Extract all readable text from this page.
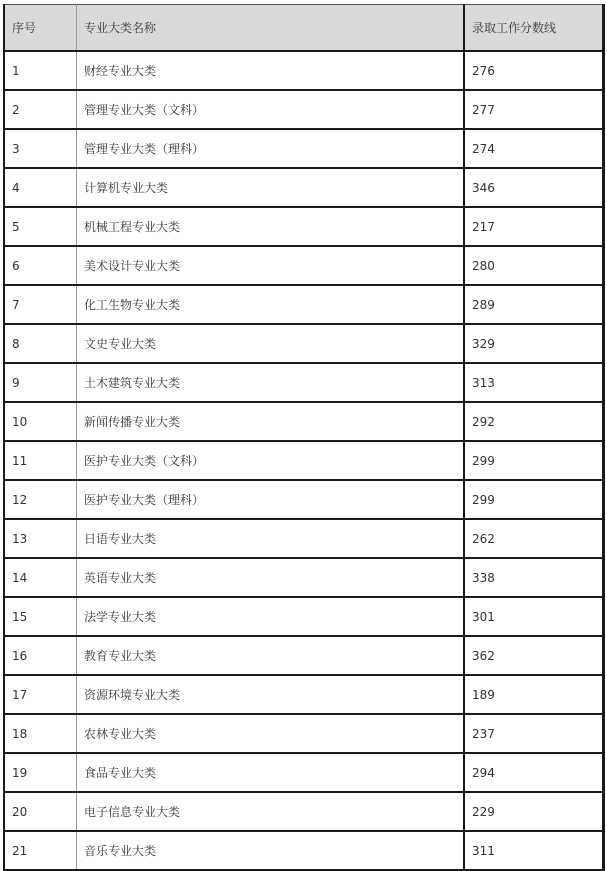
序号	专业大类名称	录取工作分数线
1	财经专业大类	276
2	管理专业大类（文科）	277
3	管理专业大类（理科）	274
4	计算机专业大类	346
5	机械工程专业大类	217
6	美术设计专业大类	280
7	化工生物专业大类	289
8	文史专业大类	329
9	土木建筑专业大类	313
10	新闻传播专业大类	292
11	医护专业大类（文科）	299
12	医护专业大类（理科）	299
13	日语专业大类	262
14	英语专业大类	338
15	法学专业大类	301
16	教育专业大类	362
17	资源环境专业大类	189
18	农林专业大类	237
19	食品专业大类	294
20	电子信息专业大类	229
21	音乐专业大类	311
